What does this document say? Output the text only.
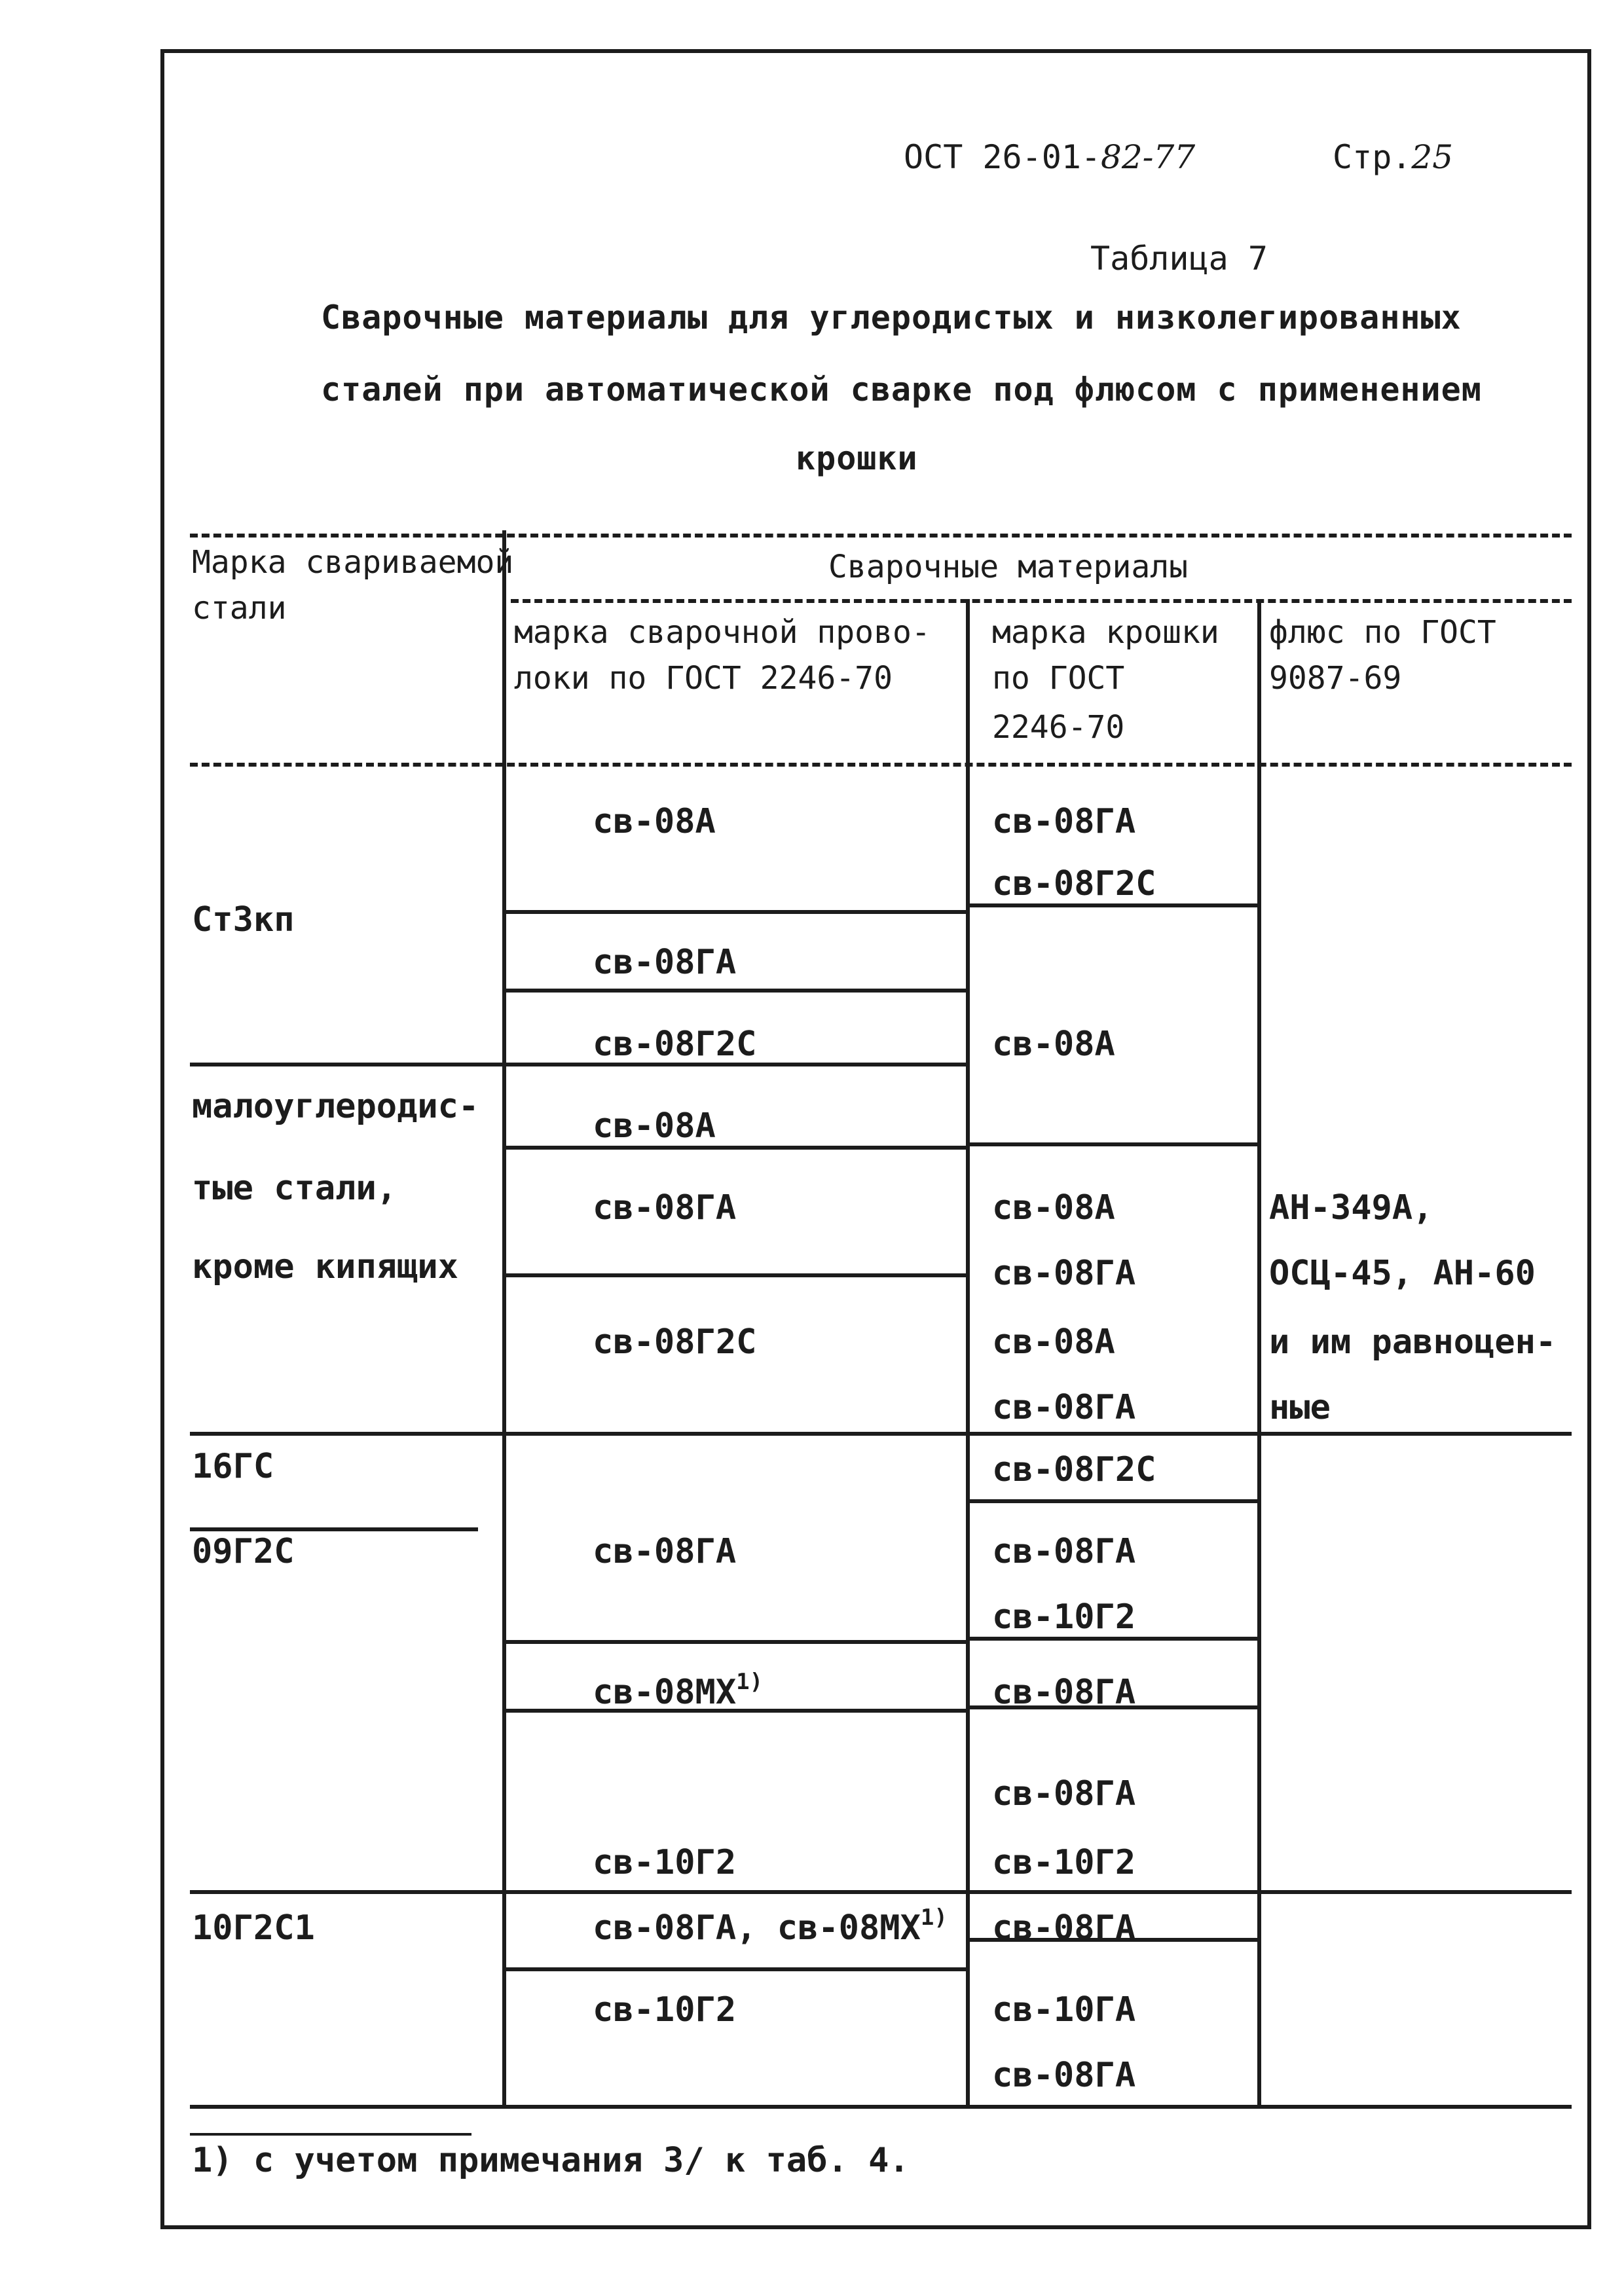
ОСТ 26-01-82-77	Стр.25
Таблица 7
Сварочные материалы для углеродистых и низколегированных
сталей при автоматической сварке под флюсом с применением
крошки
Марка свариваемой
стали
Сварочные материалы
марка сварочной прово-
локи по ГОСТ 2246-70
марка крошки
по ГОСТ
2246-70
флюс по ГОСТ
9087-69
Ст3кп
малоуглеродис-
тые стали,
кроме кипящих
16ГС
09Г2С
10Г2С1
св-08А
св-08ГА
св-08Г2С
св-08А
св-08ГА
св-08Г2С
св-08ГА
св-08МХ$^{1)}$
св-10Г2
св-08ГА, св-08МХ$^{1)}$
св-10Г2
св-08ГА
св-08Г2С
св-08А
св-08А
св-08ГА
св-08А
св-08ГА
св-08Г2С
св-08ГА
св-10Г2
св-08ГА
св-08ГА
св-10Г2
св-08ГА
св-10ГА
св-08ГА
АН-349А,
ОСЦ-45, АН-60
и им равноцен-
ные
1) с учетом примечания 3/ к таб. 4.
